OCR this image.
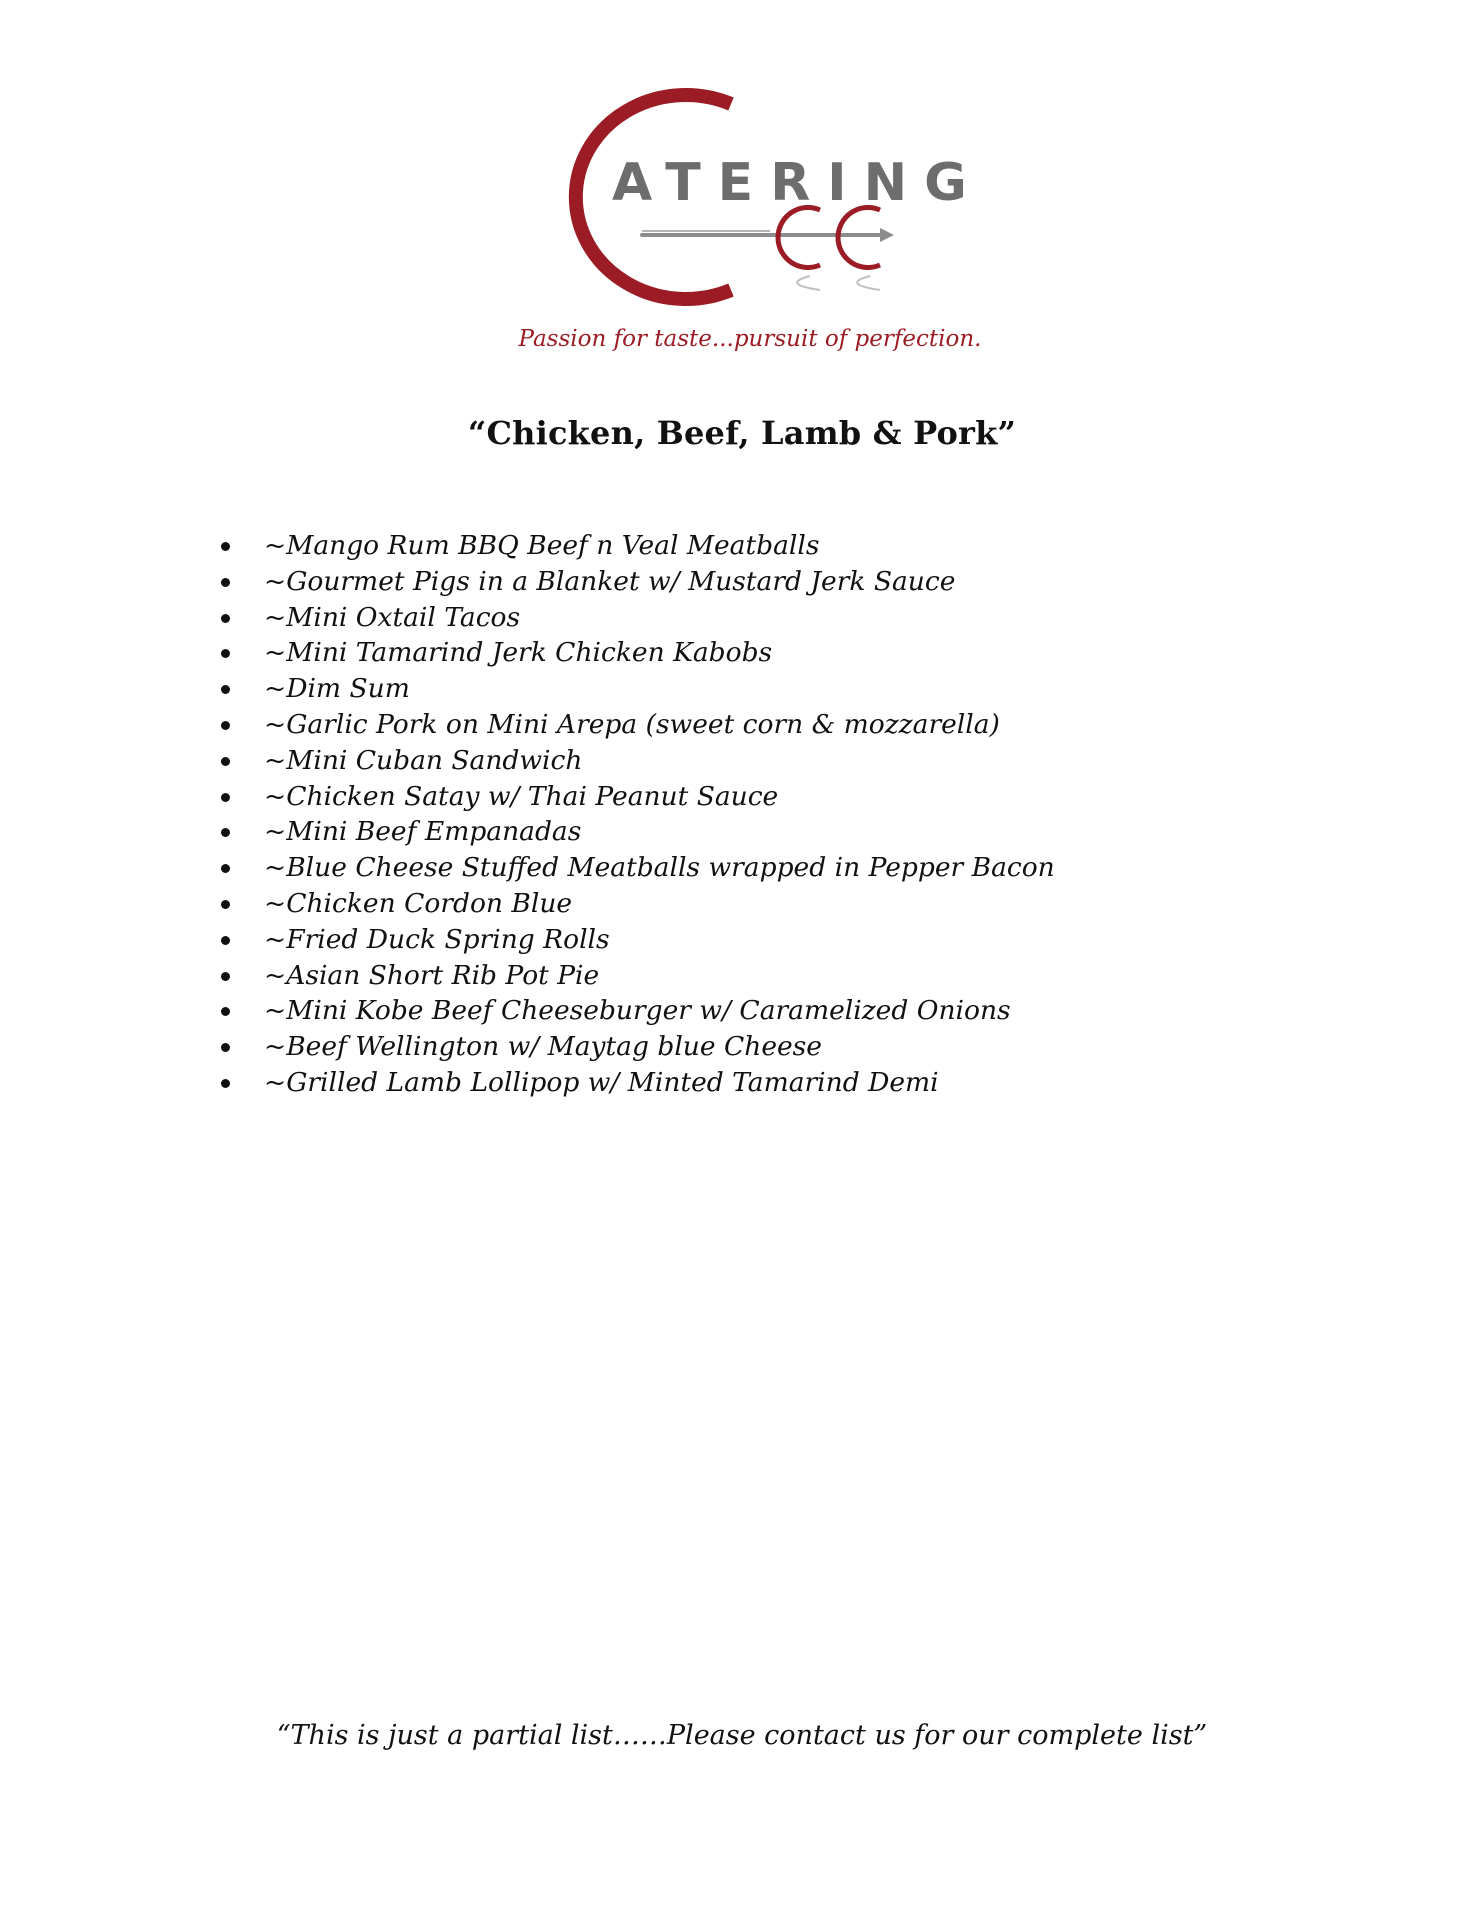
ATERING
Passion for taste...pursuit of perfection.
“Chicken, Beef, Lamb & Pork”
~Mango Rum BBQ Beef n Veal Meatballs
~Gourmet Pigs in a Blanket w/ Mustard Jerk Sauce
~Mini Oxtail Tacos
~Mini Tamarind Jerk Chicken Kabobs
~Dim Sum
~Garlic Pork on Mini Arepa (sweet corn & mozzarella)
~Mini Cuban Sandwich
~Chicken Satay w/ Thai Peanut Sauce
~Mini Beef Empanadas
~Blue Cheese Stuffed Meatballs wrapped in Pepper Bacon
~Chicken Cordon Blue
~Fried Duck Spring Rolls
~Asian Short Rib Pot Pie
~Mini Kobe Beef Cheeseburger w/ Caramelized Onions
~Beef Wellington w/ Maytag blue Cheese
~Grilled Lamb Lollipop w/ Minted Tamarind Demi
“This is just a partial list……Please contact us for our complete list”
